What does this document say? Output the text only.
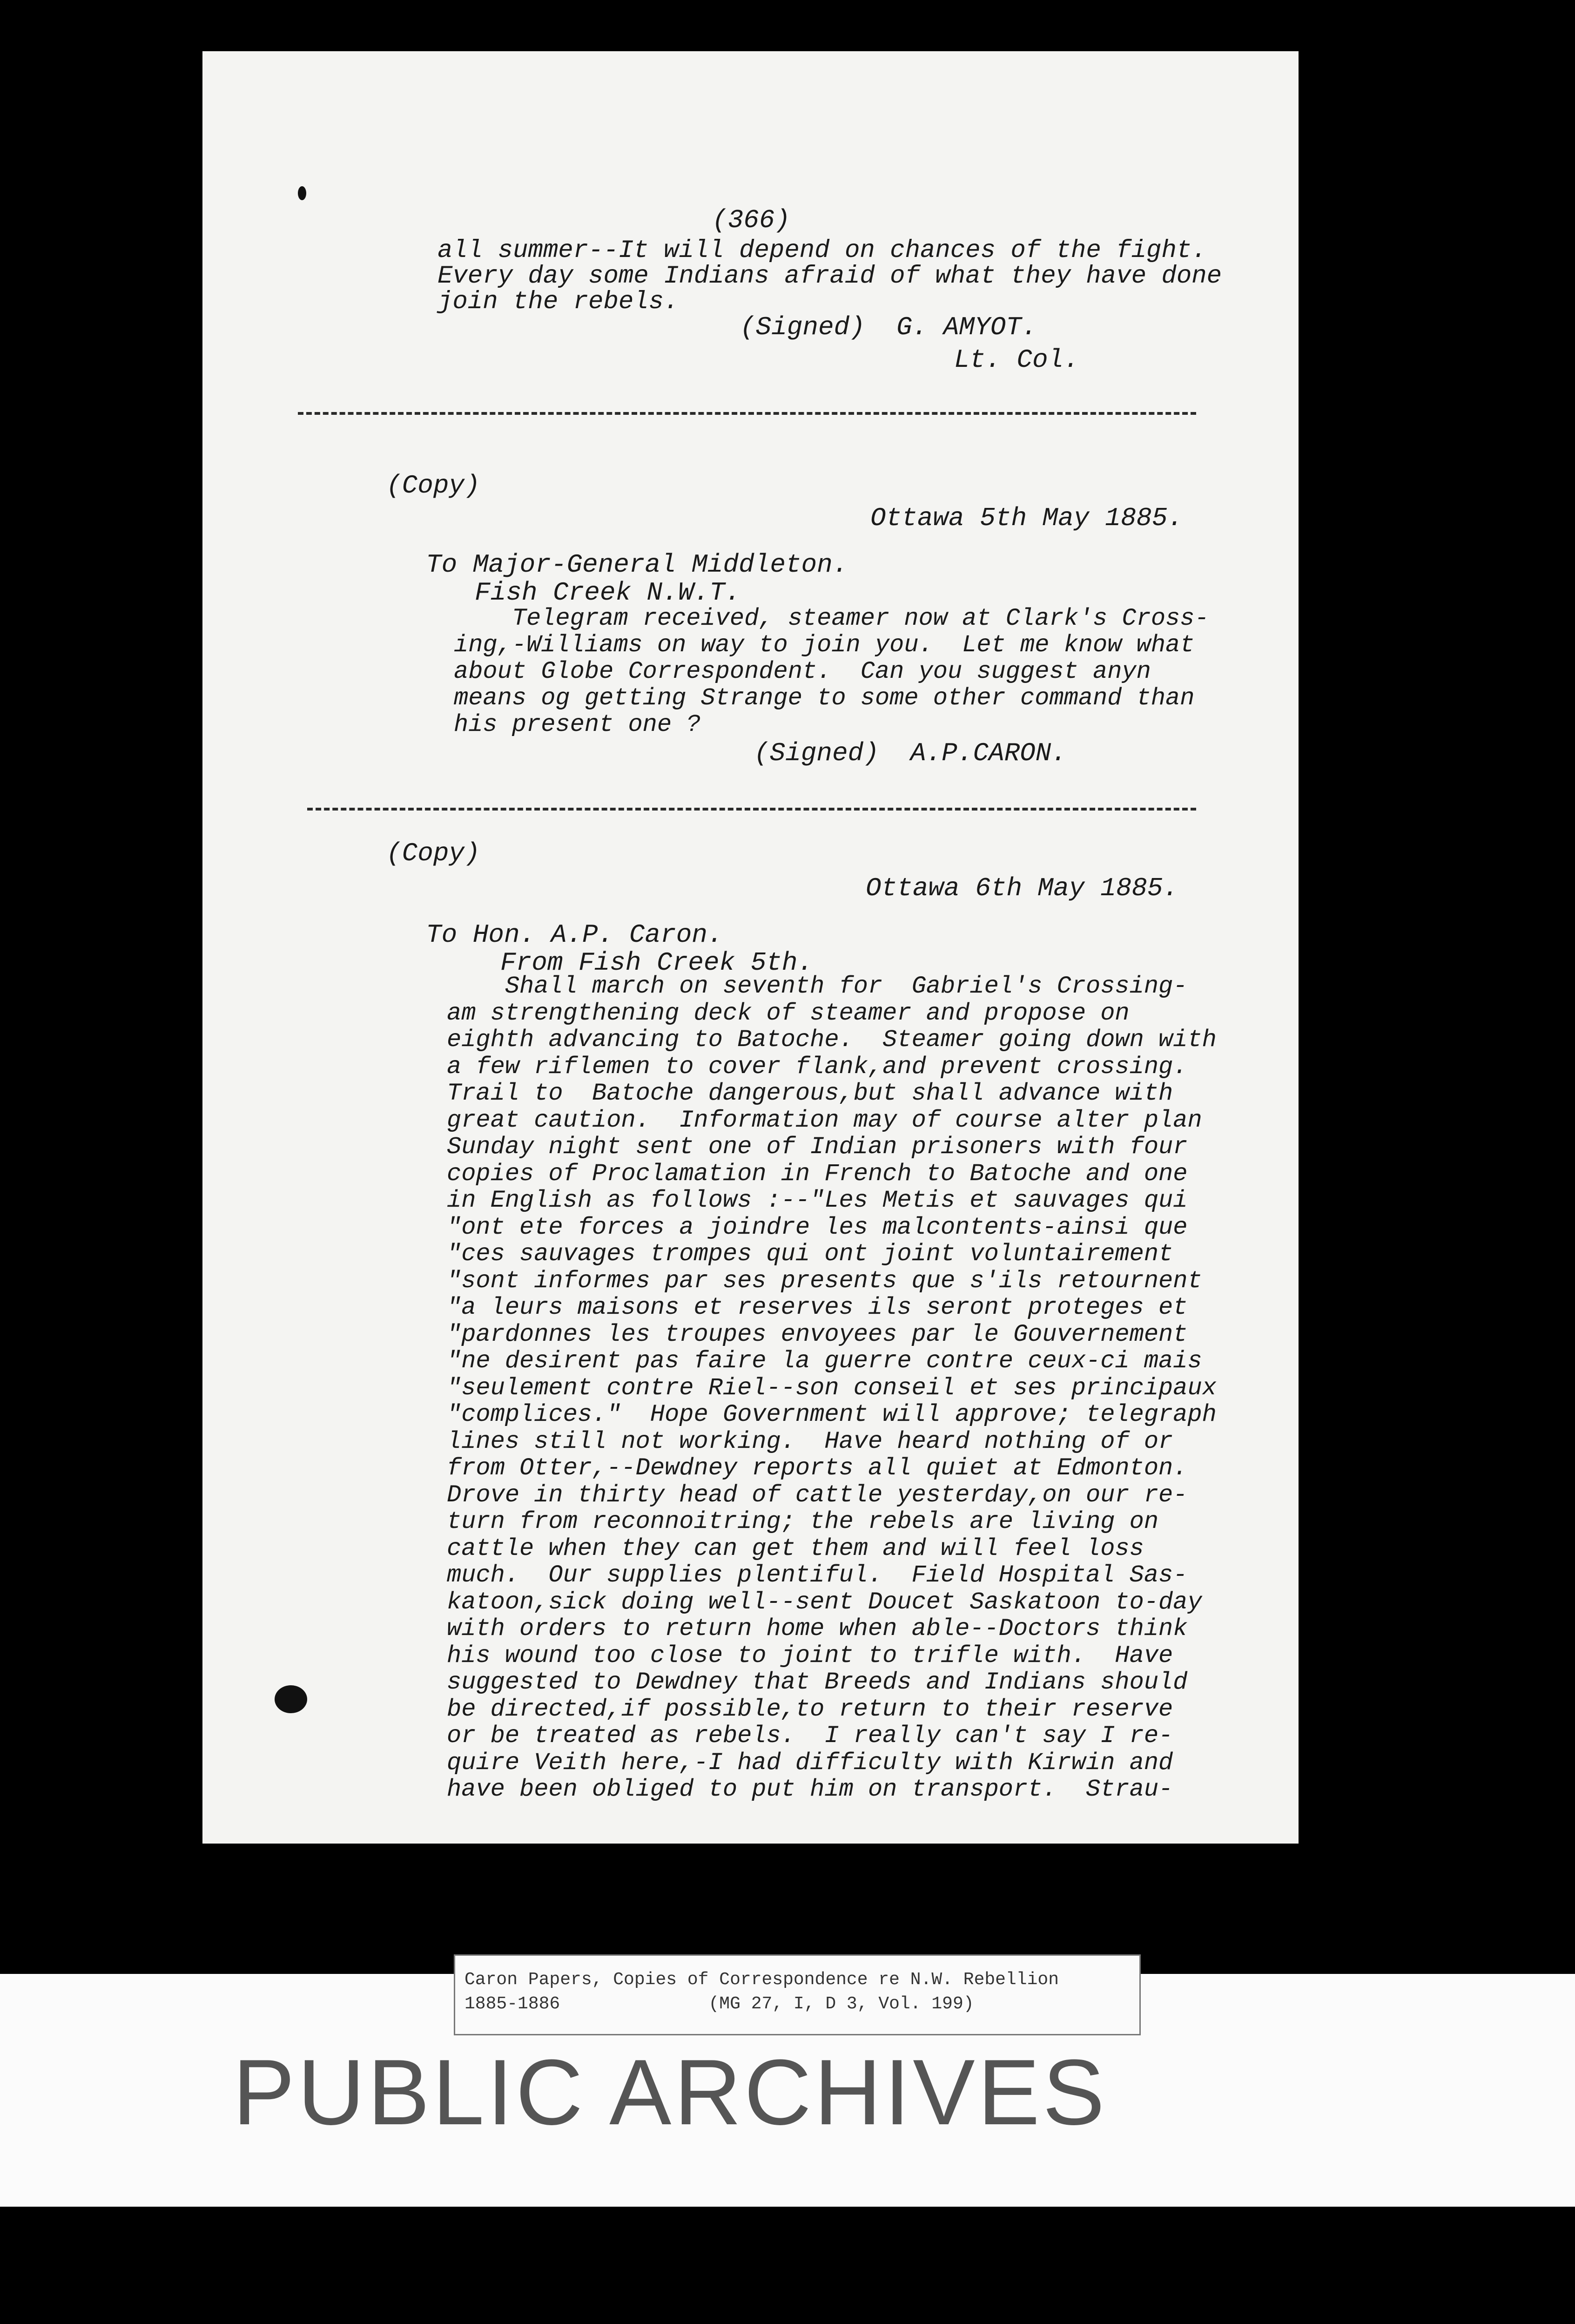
(366)
all summer--It will depend on chances of the fight.
Every day some Indians afraid of what they have done
join the rebels.
(Signed)  G. AMYOT.
Lt. Col.
(Copy)
Ottawa 5th May 1885.
To Major-General Middleton.
Fish Creek N.W.T.
Telegram received, steamer now at Clark's Cross-
ing,-Williams on way to join you.  Let me know what
about Globe Correspondent.  Can you suggest anyn
means og getting Strange to some other command than
his present one ?
(Signed)  A.P.CARON.
(Copy)
Ottawa 6th May 1885.
To Hon. A.P. Caron.
From Fish Creek 5th.
Shall march on seventh for  Gabriel's Crossing-
am strengthening deck of steamer and propose on
eighth advancing to Batoche.  Steamer going down with
a few riflemen to cover flank,and prevent crossing.
Trail to  Batoche dangerous,but shall advance with
great caution.  Information may of course alter plan
Sunday night sent one of Indian prisoners with four
copies of Proclamation in French to Batoche and one
in English as follows :--"Les Metis et sauvages qui
"ont ete forces a joindre les malcontents-ainsi que
"ces sauvages trompes qui ont joint voluntairement
"sont informes par ses presents que s'ils retournent
"a leurs maisons et reserves ils seront proteges et
"pardonnes les troupes envoyees par le Gouvernement
"ne desirent pas faire la guerre contre ceux-ci mais
"seulement contre Riel--son conseil et ses principaux
"complices."  Hope Government will approve; telegraph
lines still not working.  Have heard nothing of or
from Otter,--Dewdney reports all quiet at Edmonton.
Drove in thirty head of cattle yesterday,on our re-
turn from reconnoitring; the rebels are living on
cattle when they can get them and will feel loss
much.  Our supplies plentiful.  Field Hospital Sas-
katoon,sick doing well--sent Doucet Saskatoon to-day
with orders to return home when able--Doctors think
his wound too close to joint to trifle with.  Have
suggested to Dewdney that Breeds and Indians should
be directed,if possible,to return to their reserve
or be treated as rebels.  I really can't say I re-
quire Veith here,-I had difficulty with Kirwin and
have been obliged to put him on transport.  Strau-
PUBLIC ARCHIVES
Caron Papers, Copies of Correspondence re N.W. Rebellion
1885-1886              (MG 27, I, D 3, Vol. 199)
